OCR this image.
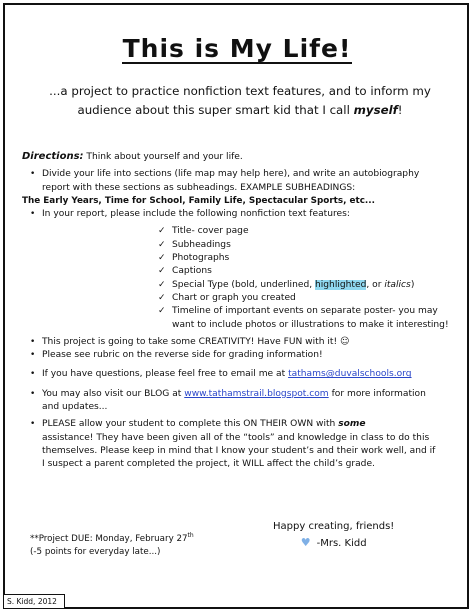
This is My Life!
...a project to practice nonfiction text features, and to inform my
audience about this super smart kid that I call myself!
Directions: Think about yourself and your life.
• Divide your life into sections (life map may help here), and write an autobiography
report with these sections as subheadings. EXAMPLE SUBHEADINGS:
The Early Years, Time for School, Family Life, Spectacular Sports, etc...
• In your report, please include the following nonfiction text features:
✓ Title- cover page
✓ Subheadings
✓ Photographs
✓ Captions
✓ Special Type (bold, underlined, highlighted, or italics)
✓ Chart or graph you created
✓ Timeline of important events on separate poster- you may
want to include photos or illustrations to make it interesting!
• This project is going to take some CREATIVITY! Have FUN with it! ☺
• Please see rubric on the reverse side for grading information!
• If you have questions, please feel free to email me at tathams@duvalschools.org
• You may also visit our BLOG at www.tathamstrail.blogspot.com for more information
and updates...
• PLEASE allow your student to complete this ON THEIR OWN with some
assistance! They have been given all of the “tools” and knowledge in class to do this
themselves. Please keep in mind that I know your student’s and their work well, and if
I suspect a parent completed the project, it WILL affect the child’s grade.
**Project DUE: Monday, February 27th
(-5 points for everyday late...)
Happy creating, friends!
♥ -Mrs. Kidd
S. Kidd, 2012
